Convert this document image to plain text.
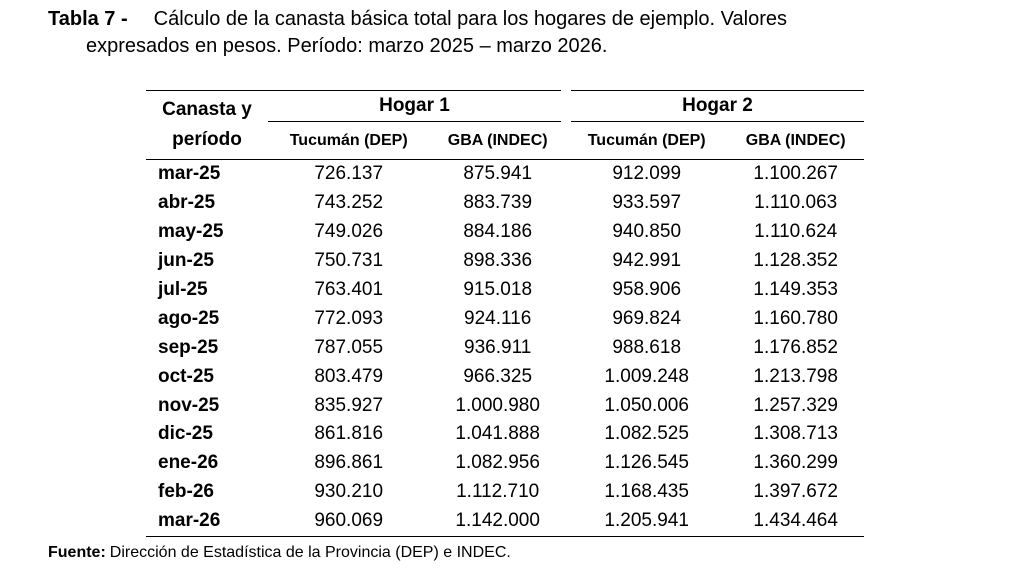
Tabla 7 - Cálculo de la canasta básica total para los hogares de ejemplo. Valores
expresados en pesos. Período: marzo 2025 – marzo 2026.
Canasta y
período	Hogar 1		Hogar 2	
	Tucumán (DEP)	GBA (INDEC)	Tucumán (DEP)	GBA (INDEC)
mar-25	726.137	875.941	912.099	1.100.267
abr-25	743.252	883.739	933.597	1.110.063
may-25	749.026	884.186	940.850	1.110.624
jun-25	750.731	898.336	942.991	1.128.352
jul-25	763.401	915.018	958.906	1.149.353
ago-25	772.093	924.116	969.824	1.160.780
sep-25	787.055	936.911	988.618	1.176.852
oct-25	803.479	966.325	1.009.248	1.213.798
nov-25	835.927	1.000.980	1.050.006	1.257.329
dic-25	861.816	1.041.888	1.082.525	1.308.713
ene-26	896.861	1.082.956	1.126.545	1.360.299
feb-26	930.210	1.112.710	1.168.435	1.397.672
mar-26	960.069	1.142.000	1.205.941	1.434.464
Fuente: Dirección de Estadística de la Provincia (DEP) e INDEC.
